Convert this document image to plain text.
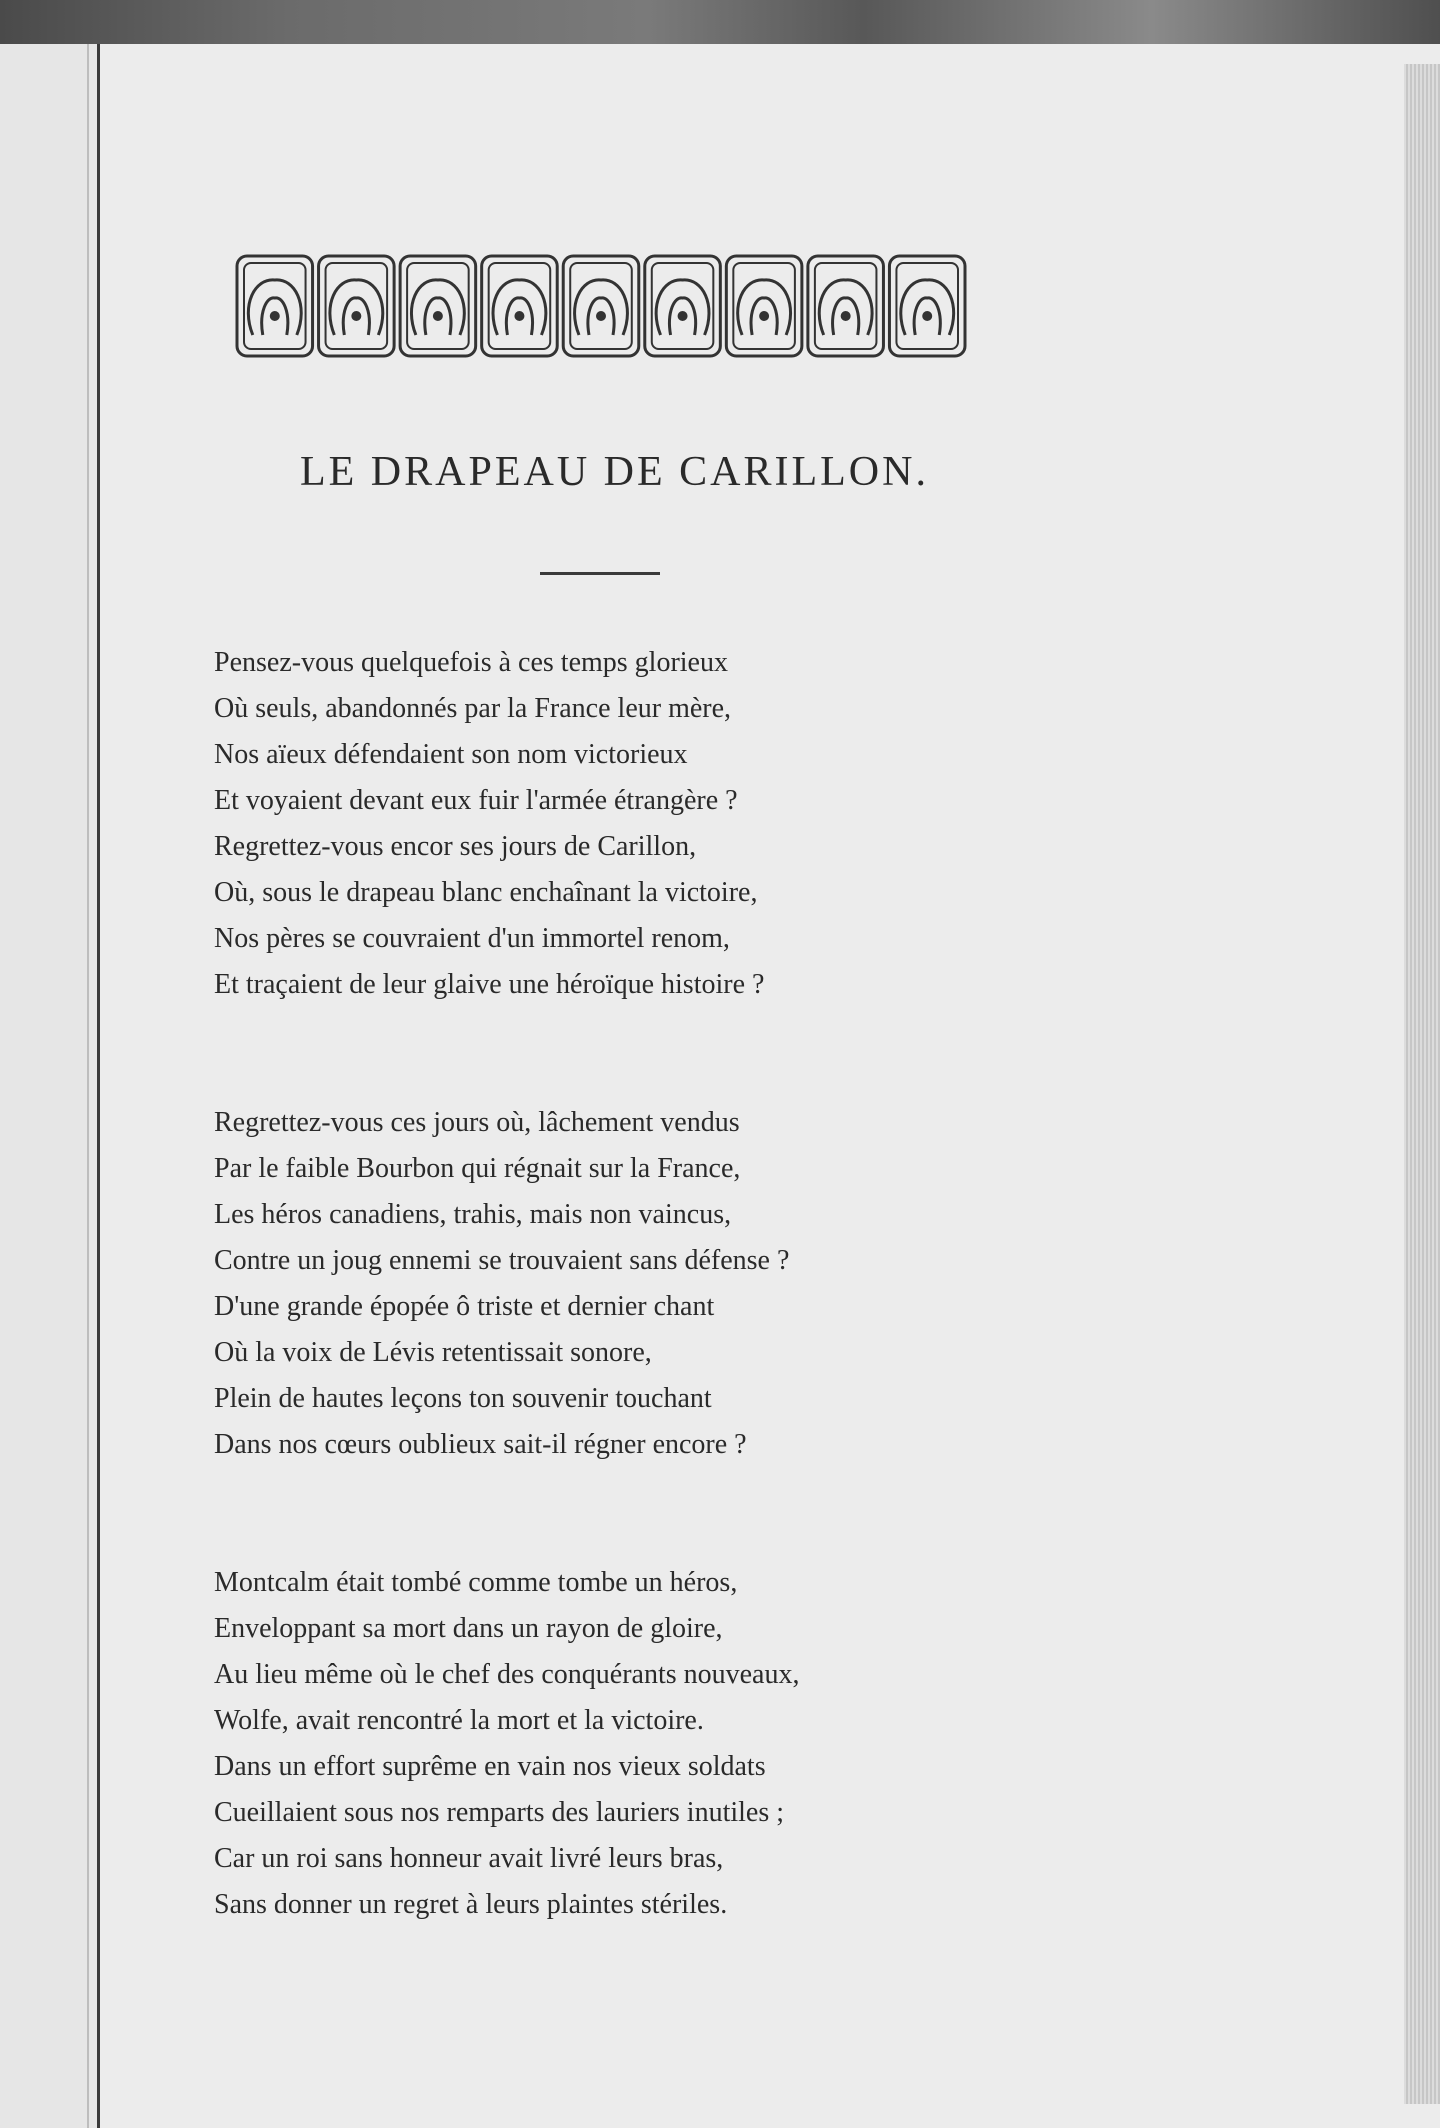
LE DRAPEAU DE CARILLON.
Pensez-vous quelquefois à ces temps glorieux
Où seuls, abandonnés par la France leur mère,
Nos aïeux défendaient son nom victorieux
Et voyaient devant eux fuir l'armée étrangère ?
Regrettez-vous encor ses jours de Carillon,
Où, sous le drapeau blanc enchaînant la victoire,
Nos pères se couvraient d'un immortel renom,
Et traçaient de leur glaive une héroïque histoire ?
Regrettez-vous ces jours où, lâchement vendus
Par le faible Bourbon qui régnait sur la France,
Les héros canadiens, trahis, mais non vaincus,
Contre un joug ennemi se trouvaient sans défense ?
D'une grande épopée ô triste et dernier chant
Où la voix de Lévis retentissait sonore,
Plein de hautes leçons ton souvenir touchant
Dans nos cœurs oublieux sait-il régner encore ?
Montcalm était tombé comme tombe un héros,
Enveloppant sa mort dans un rayon de gloire,
Au lieu même où le chef des conquérants nouveaux,
Wolfe, avait rencontré la mort et la victoire.
Dans un effort suprême en vain nos vieux soldats
Cueillaient sous nos remparts des lauriers inutiles ;
Car un roi sans honneur avait livré leurs bras,
Sans donner un regret à leurs plaintes stériles.
